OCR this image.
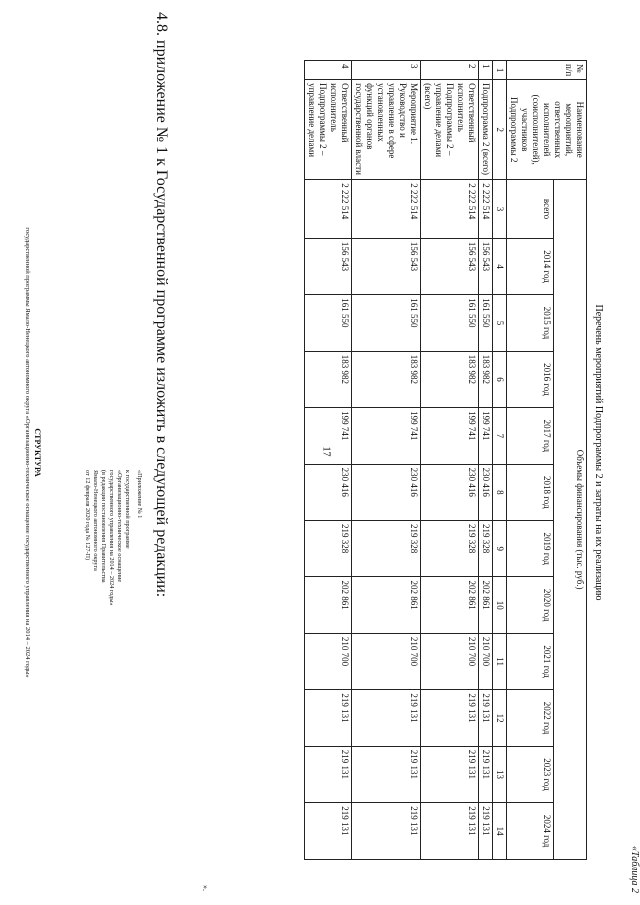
17
«Таблица 2
Перечень мероприятий Подпрограммы 2 и затраты на их реализацию
№ п/п	Наименование мероприятий, ответственных исполнителей (соисполнителей), участников Подпрограммы 2	Объемы финансирования (тыс. руб.)											
		всего	2014 год	2015 год	2016 год	2017 год	2018 год	2019 год	2020 год	2021 год	2022 год	2023 год	2024 год
1	2	3	4	5	6	7	8	9	10	11	12	13	14
1	Подпрограмма 2 (всего)	2 222 514	156 543	161 550	183 982	199 741	230 416	219 328	202 861	210 700	219 131	219 131	219 131
2	Ответственный исполнитель Подпрограммы 2 – управление делами (всего)	2 222 514	156 543	161 550	183 982	199 741	230 416	219 328	202 861	210 700	219 131	219 131	219 131
3	Мероприятие 1. Руководство и управление в сфере установленных функций органов государственной власти	2 222 514	156 543	161 550	183 982	199 741	230 416	219 328	202 861	210 700	219 131	219 131	219 131
4	Ответственный исполнитель Подпрограммы 2 – управление делами	2 222 514	156 543	161 550	183 982	199 741	230 416	219 328	202 861	210 700	219 131	219 131	219 131
».
4.8. приложение № 1 к Государственной программе изложить в следующей редакции:
«Приложение № 1
к государственной программе
«Организационно-техническое оснащение
государственного управления на 2014 – 2024 годы»
(в редакции постановления Правительства
Ямало-Ненецкого автономного округа
от 12 февраля 2020 года № 127-П)
СТРУКТУРА
государственной программы Ямало-Ненецкого автономного округа «Организационно-техническое оснащение государственного управления на 2014 – 2024 годы»
